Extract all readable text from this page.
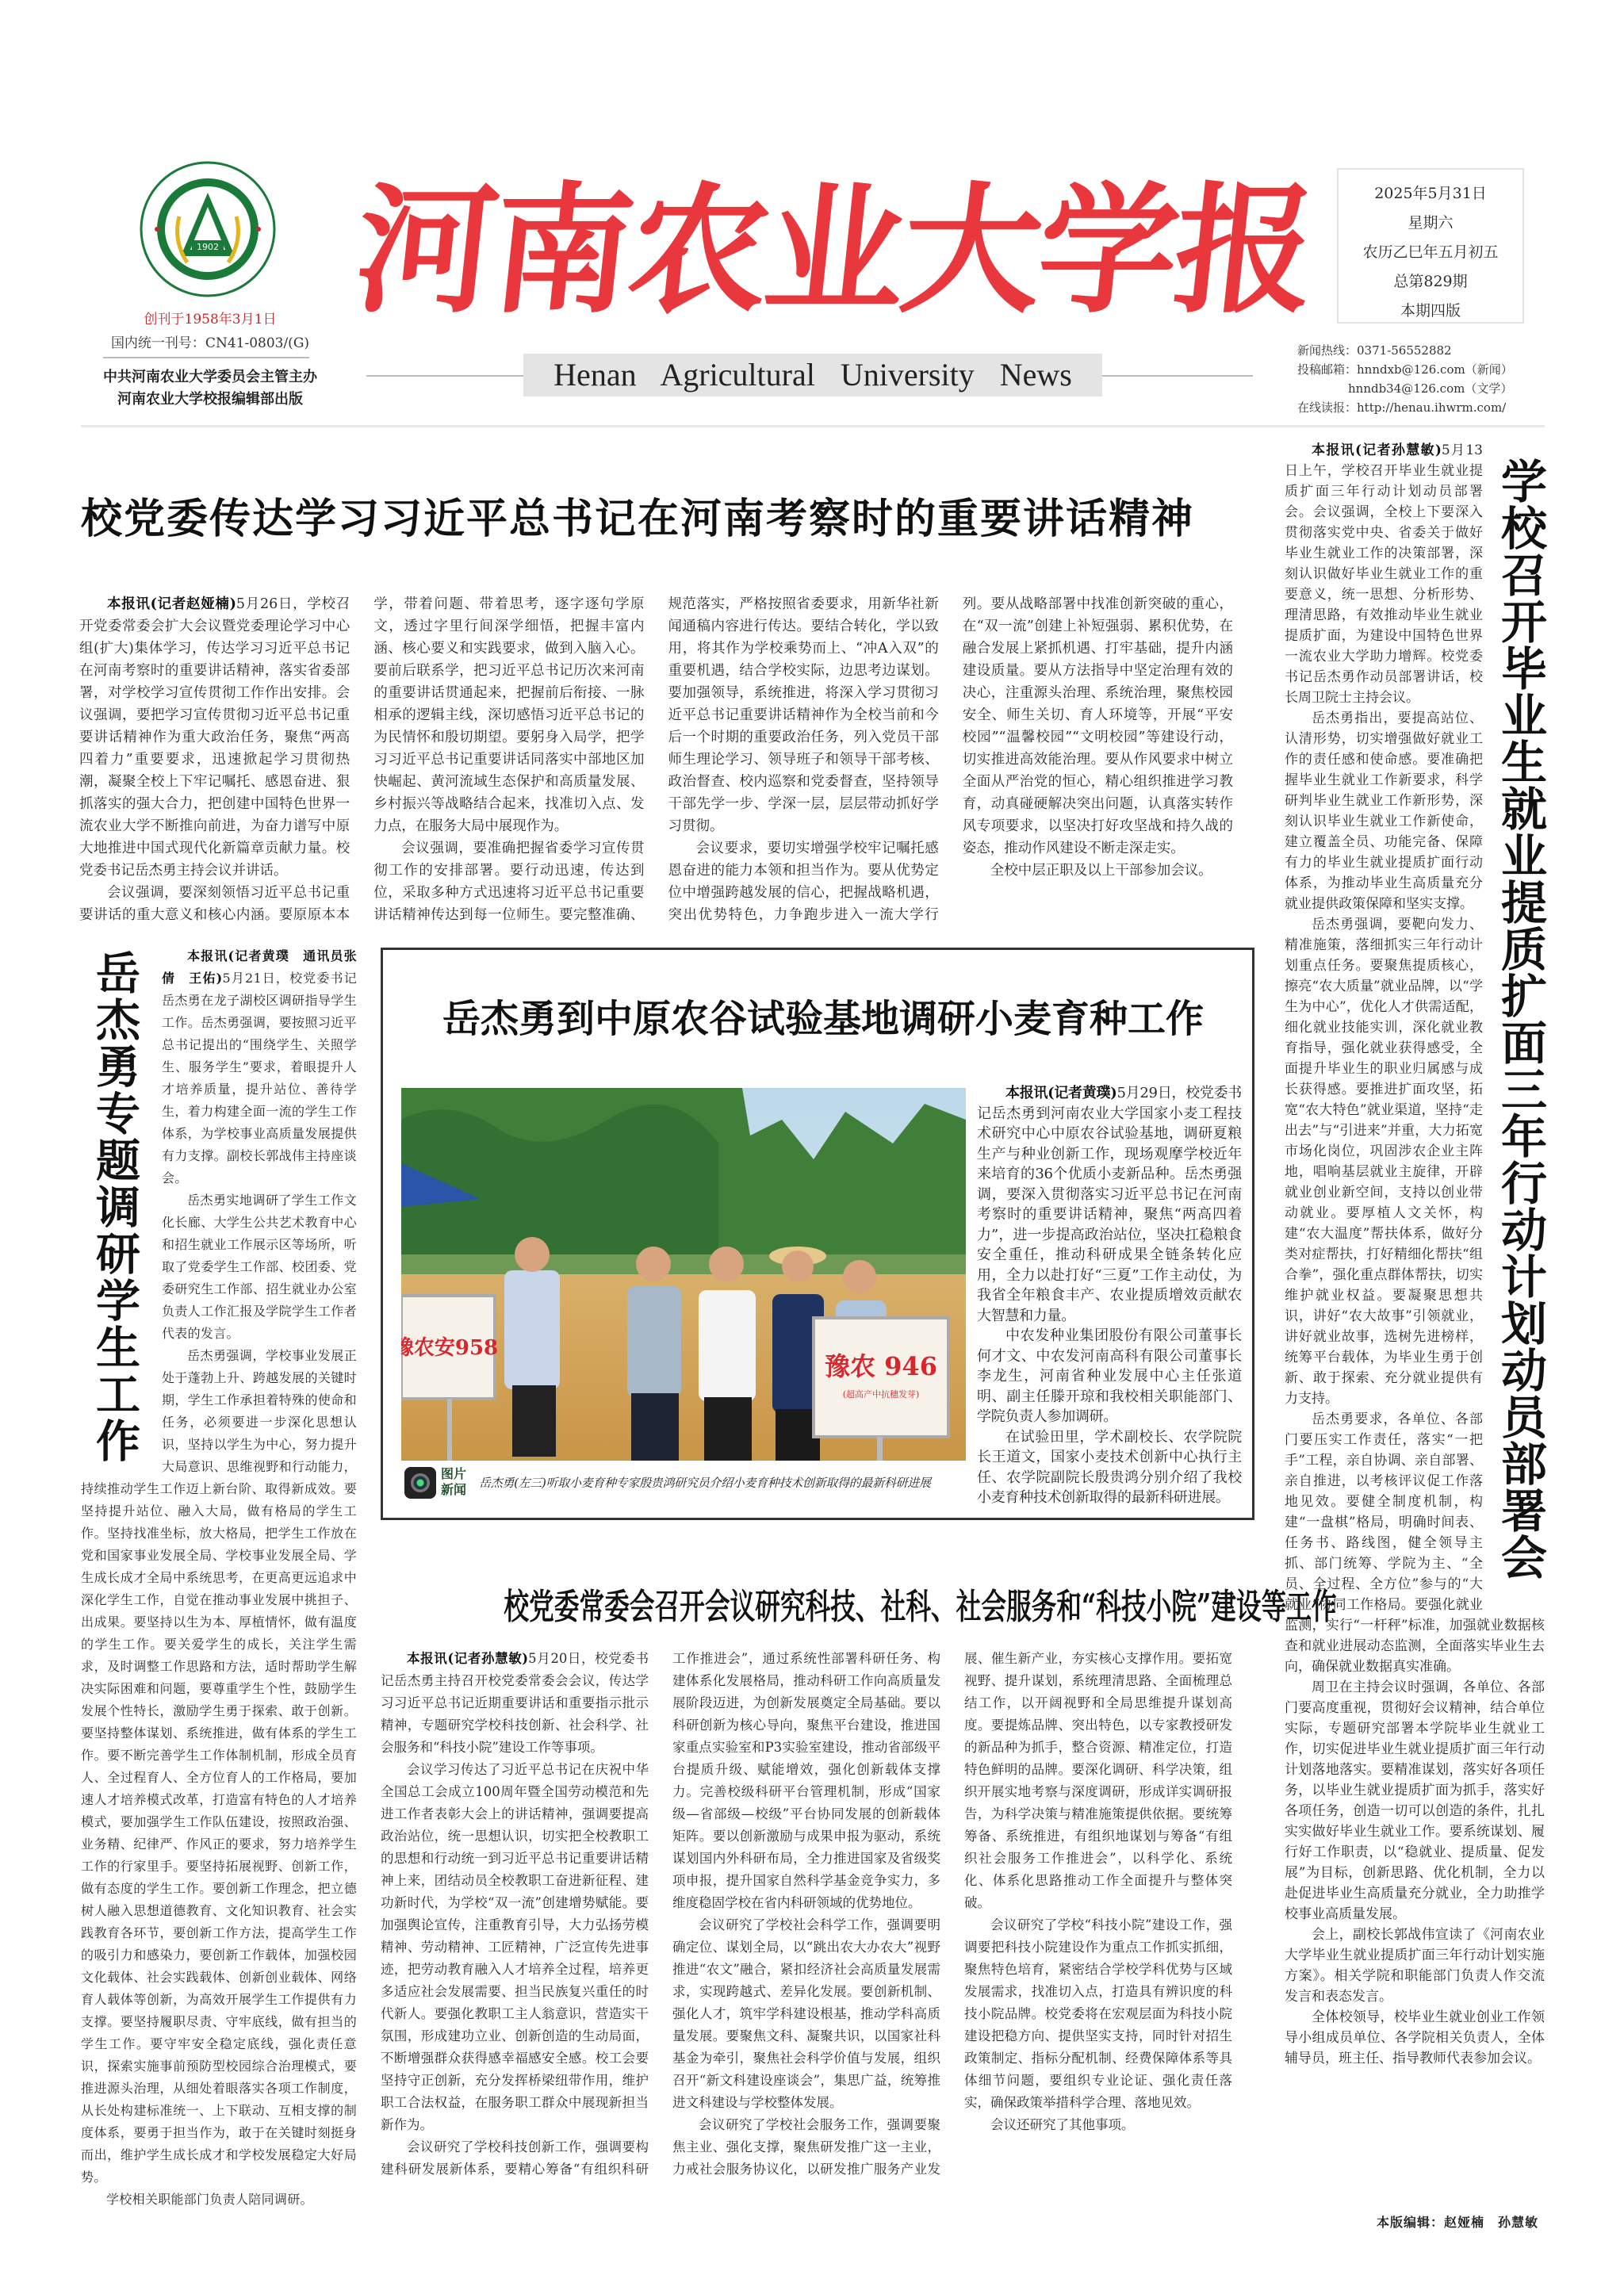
1902
创刊于1958年3月1日
国内统一刊号：CN41-0803/(G)
中共河南农业大学委员会主管主办
河南农业大学校报编辑部出版
河南农业大学报
Henan Agricultural University News
2025年5月31日
星期六
农历乙巳年五月初五
总第829期
本期四版
新闻热线：0371-56552882
投稿邮箱：hnndxb@126.com（新闻）
hnndb34@126.com（文学）
在线读报：http://henau.ihwrm.com/
校党委传达学习习近平总书记在河南考察时的重要讲话精神

本报讯(记者赵娅楠)5月26日，学校召开党委常委会扩大会议暨党委理论学习中心组(扩大)集体学习，传达学习习近平总书记在河南考察时的重要讲话精神，落实省委部署，对学校学习宣传贯彻工作作出安排。会议强调，要把学习宣传贯彻习近平总书记重要讲话精神作为重大政治任务，聚焦“两高四着力”重要要求，迅速掀起学习贯彻热潮，凝聚全校上下牢记嘱托、感恩奋进、狠抓落实的强大合力，把创建中国特色世界一流农业大学不断推向前进，为奋力谱写中原大地推进中国式现代化新篇章贡献力量。校党委书记岳杰勇主持会议并讲话。

会议强调，要深刻领悟习近平总书记重要讲话的重大意义和核心内涵。要原原本本学，带着问题、带着思考，逐字逐句学原文，透过字里行间深学细悟，把握丰富内涵、核心要义和实践要求，做到入脑入心。要前后联系学，把习近平总书记历次来河南的重要讲话贯通起来，把握前后衔接、一脉相承的逻辑主线，深切感悟习近平总书记的为民情怀和殷切期望。要躬身入局学，把学习习近平总书记重要讲话同落实中部地区加快崛起、黄河流域生态保护和高质量发展、乡村振兴等战略结合起来，找准切入点、发力点，在服务大局中展现作为。

会议强调，要准确把握省委学习宣传贯彻工作的安排部署。要行动迅速，传达到位，采取多种方式迅速将习近平总书记重要讲话精神传达到每一位师生。要完整准确、规范落实，严格按照省委要求，用新华社新闻通稿内容进行传达。要结合转化，学以致用，将其作为学校乘势而上、“冲A入双”的重要机遇，结合学校实际，边思考边谋划。要加强领导，系统推进，将深入学习贯彻习近平总书记重要讲话精神作为全校当前和今后一个时期的重要政治任务，列入党员干部师生理论学习、领导班子和领导干部考核、政治督查、校内巡察和党委督查，坚持领导干部先学一步、学深一层，层层带动抓好学习贯彻。

会议要求，要切实增强学校牢记嘱托感恩奋进的能力本领和担当作为。要从优势定位中增强跨越发展的信心，把握战略机遇，突出优势特色，力争跑步进入一流大学行列。要从战略部署中找准创新突破的重心，在“双一流”创建上补短强弱、累积优势，在融合发展上紧抓机遇、打牢基础，提升内涵建设质量。要从方法指导中坚定治理有效的决心，注重源头治理、系统治理，聚焦校园安全、师生关切、育人环境等，开展“平安校园”“温馨校园”“文明校园”等建设行动，切实推进高效能治理。要从作风要求中树立全面从严治党的恒心，精心组织推进学习教育，动真碰硬解决突出问题，认真落实转作风专项要求，以坚决打好攻坚战和持久战的姿态，推动作风建设不断走深走实。

全校中层正职及以上干部参加会议。

岳杰勇专题调研学生工作	本报讯(记者黄璞　通讯员张倩　王佑)5月21日，校党委书记岳杰勇在龙子湖校区调研指导学生工作。岳杰勇强调，要按照习近平总书记提出的“围绕学生、关照学生、服务学生”要求，着眼提升人才培养质量，提升站位、善待学生，着力构建全面一流的学生工作体系，为学校事业高质量发展提供有力支撑。副校长郭战伟主持座谈会。

岳杰勇实地调研了学生工作文化长廊、大学生公共艺术教育中心和招生就业工作展示区等场所，听取了党委学生工作部、校团委、党委研究生工作部、招生就业办公室负责人工作汇报及学院学生工作者代表的发言。

岳杰勇强调，学校事业发展正处于蓬勃上升、跨越发展的关键时期，学生工作承担着特殊的使命和任务，必须要进一步深化思想认识，坚持以学生为中心，努力提升大局意识、思维视野和行动能力，持续推动学生工作迈上新台阶、取得新成效。要坚持提升站位、融入大局，做有格局的学生工作。坚持找准坐标，放大格局，把学生工作放在党和国家事业发展全局、学校事业发展全局、学生成长成才全局中系统思考，在更高更远追求中深化学生工作，自觉在推动事业发展中挑担子、出成果。要坚持以生为本、厚植情怀，做有温度的学生工作。要关爱学生的成长，关注学生需求，及时调整工作思路和方法，适时帮助学生解决实际困难和问题，要尊重学生个性，鼓励学生发展个性特长，激励学生勇于探索、敢于创新。要坚持整体谋划、系统推进，做有体系的学生工作。要不断完善学生工作体制机制，形成全员育人、全过程育人、全方位育人的工作格局，要加速人才培养模式改革，打造富有特色的人才培养模式，要加强学生工作队伍建设，按照政治强、业务精、纪律严、作风正的要求，努力培养学生工作的行家里手。要坚持拓展视野、创新工作，做有态度的学生工作。要创新工作理念，把立德树人融入思想道德教育、文化知识教育、社会实践教育各环节，要创新工作方法，提高学生工作的吸引力和感染力，要创新工作载体，加强校园文化载体、社会实践载体、创新创业载体、网络育人载体等创新，为高效开展学生工作提供有力支撑。要坚持履职尽责、守牢底线，做有担当的学生工作。要守牢安全稳定底线，强化责任意识，探索实施事前预防型校园综合治理模式，要推进源头治理，从细处着眼落实各项工作制度，从长处构建标准统一、上下联动、互相支撑的制度体系，要勇于担当作为，敢于在关键时刻挺身而出，维护学生成长成才和学校发展稳定大好局势。

学校相关职能部门负责人陪同调研。

岳杰勇到中原农谷试验基地调研小麦育种工作
豫农安958
豫农 946
(超高产中抗穗发芽)
图片新闻	岳杰勇(左三)听取小麦育种专家殷贵鸿研究员介绍小麦育种技术创新取得的最新科研进展

本报讯(记者黄璞)5月29日，校党委书记岳杰勇到河南农业大学国家小麦工程技术研究中心中原农谷试验基地，调研夏粮生产与种业创新工作，现场观摩学校近年来培育的36个优质小麦新品种。岳杰勇强调，要深入贯彻落实习近平总书记在河南考察时的重要讲话精神，聚焦“两高四着力”，进一步提高政治站位，坚决扛稳粮食安全重任，推动科研成果全链条转化应用，全力以赴打好“三夏”工作主动仗，为我省全年粮食丰产、农业提质增效贡献农大智慧和力量。

中农发种业集团股份有限公司董事长何才文、中农发河南高科有限公司董事长李龙生，河南省种业发展中心主任张道明、副主任滕开琼和我校相关职能部门、学院负责人参加调研。

在试验田里，学术副校长、农学院院长王道文，国家小麦技术创新中心执行主任、农学院副院长殷贵鸿分别介绍了我校小麦育种技术创新取得的最新科研进展。

校党委常委会召开会议研究科技、社科、社会服务和“科技小院”建设等工作

本报讯(记者孙慧敏)5月20日，校党委书记岳杰勇主持召开校党委常委会会议，传达学习习近平总书记近期重要讲话和重要指示批示精神，专题研究学校科技创新、社会科学、社会服务和“科技小院”建设工作等事项。

会议学习传达了习近平总书记在庆祝中华全国总工会成立100周年暨全国劳动模范和先进工作者表彰大会上的讲话精神，强调要提高政治站位，统一思想认识，切实把全校教职工的思想和行动统一到习近平总书记重要讲话精神上来，团结动员全校教职工奋进新征程、建功新时代，为学校“双一流”创建增势赋能。要加强舆论宣传，注重教育引导，大力弘扬劳模精神、劳动精神、工匠精神，广泛宣传先进事迹，把劳动教育融入人才培养全过程，培养更多适应社会发展需要、担当民族复兴重任的时代新人。要强化教职工主人翁意识，营造实干氛围，形成建功立业、创新创造的生动局面，不断增强群众获得感幸福感安全感。校工会要坚持守正创新，充分发挥桥梁纽带作用，维护职工合法权益，在服务职工群众中展现新担当新作为。

会议研究了学校科技创新工作，强调要构建科研发展新体系，要精心筹备“有组织科研工作推进会”，通过系统性部署科研任务、构建体系化发展格局，推动科研工作向高质量发展阶段迈进，为创新发展奠定全局基础。要以科研创新为核心导向，聚焦平台建设，推进国家重点实验室和P3实验室建设，推动省部级平台提质升级、赋能增效，强化创新载体支撑力。完善校级科研平台管理机制，形成“国家级—省部级—校级”平台协同发展的创新载体矩阵。要以创新激励与成果申报为驱动，系统谋划国内外科研布局，全力推进国家及省级奖项申报，提升国家自然科学基金竞争实力，多维度稳固学校在省内科研领域的优势地位。

会议研究了学校社会科学工作，强调要明确定位、谋划全局，以“跳出农大办农大”视野推进“农文”融合，紧扣经济社会高质量发展需求，实现跨越式、差异化发展。要创新机制、强化人才，筑牢学科建设根基，推动学科高质量发展。要聚焦文科、凝聚共识，以国家社科基金为牵引，聚焦社会科学价值与发展，组织召开“新文科建设座谈会”，集思广益，统筹推进文科建设与学校整体发展。

会议研究了学校社会服务工作，强调要聚焦主业、强化支撑，聚焦研发推广这一主业，力戒社会服务协议化，以研发推广服务产业发展、催生新产业，夯实核心支撑作用。要拓宽视野、提升谋划，系统理清思路、全面梳理总结工作，以开阔视野和全局思维提升谋划高度。要提炼品牌、突出特色，以专家教授研发的新品种为抓手，整合资源、精准定位，打造特色鲜明的品牌。要深化调研、科学决策，组织开展实地考察与深度调研，形成详实调研报告，为科学决策与精准施策提供依据。要统筹筹备、系统推进，有组织地谋划与筹备“有组织社会服务工作推进会”，以科学化、系统化、体系化思路推动工作全面提升与整体突破。

会议研究了学校“科技小院”建设工作，强调要把科技小院建设作为重点工作抓实抓细，聚焦特色培育，紧密结合学校学科优势与区域发展需求，找准切入点，打造具有辨识度的科技小院品牌。校党委将在宏观层面为科技小院建设把稳方向、提供坚实支持，同时针对招生政策制定、指标分配机制、经费保障体系等具体细节问题，要组织专业论证、强化责任落实，确保政策举措科学合理、落地见效。

会议还研究了其他事项。

学校召开毕业生就业提质扩面三年行动计划动员部署会

本报讯(记者孙慧敏)5月13日上午，学校召开毕业生就业提质扩面三年行动计划动员部署会。会议强调，全校上下要深入贯彻落实党中央、省委关于做好毕业生就业工作的决策部署，深刻认识做好毕业生就业工作的重要意义，统一思想、分析形势、理清思路，有效推动毕业生就业提质扩面，为建设中国特色世界一流农业大学助力增辉。校党委书记岳杰勇作动员部署讲话，校长周卫院士主持会议。

岳杰勇指出，要提高站位、认清形势，切实增强做好就业工作的责任感和使命感。要准确把握毕业生就业工作新要求，科学研判毕业生就业工作新形势，深刻认识毕业生就业工作新使命，建立覆盖全员、功能完备、保障有力的毕业生就业提质扩面行动体系，为推动毕业生高质量充分就业提供政策保障和坚实支撑。

岳杰勇强调，要靶向发力、精准施策，落细抓实三年行动计划重点任务。要聚焦提质核心，擦亮“农大质量”就业品牌，以“学生为中心”，优化人才供需适配，细化就业技能实训，深化就业教育指导，强化就业获得感受，全面提升毕业生的职业归属感与成长获得感。要推进扩面攻坚，拓宽“农大特色”就业渠道，坚持“走出去”与“引进来”并重，大力拓宽市场化岗位，巩固涉农企业主阵地，唱响基层就业主旋律，开辟就业创业新空间，支持以创业带动就业。要厚植人文关怀，构建“农大温度”帮扶体系，做好分类对症帮扶，打好精细化帮扶“组合拳”，强化重点群体帮扶，切实维护就业权益。要凝聚思想共识，讲好“农大故事”引领就业，讲好就业故事，选树先进榜样，统筹平台载体，为毕业生勇于创新、敢于探索、充分就业提供有力支持。

岳杰勇要求，各单位、各部门要压实工作责任，落实“一把手”工程，亲自协调、亲自部署、亲自推进，以考核评议促工作落地见效。要健全制度机制，构建“一盘棋”格局，明确时间表、任务书、路线图，健全领导主抓、部门统筹、学院为主、“全员、全过程、全方位”参与的“大就业”协同工作格局。要强化就业监测，实行“一杆秤”标准，加强就业数据核查和就业进展动态监测，全面落实毕业生去向，确保就业数据真实准确。

周卫在主持会议时强调，各单位、各部门要高度重视，贯彻好会议精神，结合单位实际，专题研究部署本学院毕业生就业工作，切实促进毕业生就业提质扩面三年行动计划落地落实。要精准谋划，落实好各项任务，以毕业生就业提质扩面为抓手，落实好各项任务，创造一切可以创造的条件，扎扎实实做好毕业生就业工作。要系统谋划、履行好工作职责，以“稳就业、提质量、促发展”为目标，创新思路、优化机制，全力以赴促进毕业生高质量充分就业，全力助推学校事业高质量发展。

会上，副校长郭战伟宣读了《河南农业大学毕业生就业提质扩面三年行动计划实施方案》。相关学院和职能部门负责人作交流发言和表态发言。

全体校领导，校毕业生就业创业工作领导小组成员单位、各学院相关负责人，全体辅导员，班主任、指导教师代表参加会议。

本版编辑：赵娅楠　孙慧敏
